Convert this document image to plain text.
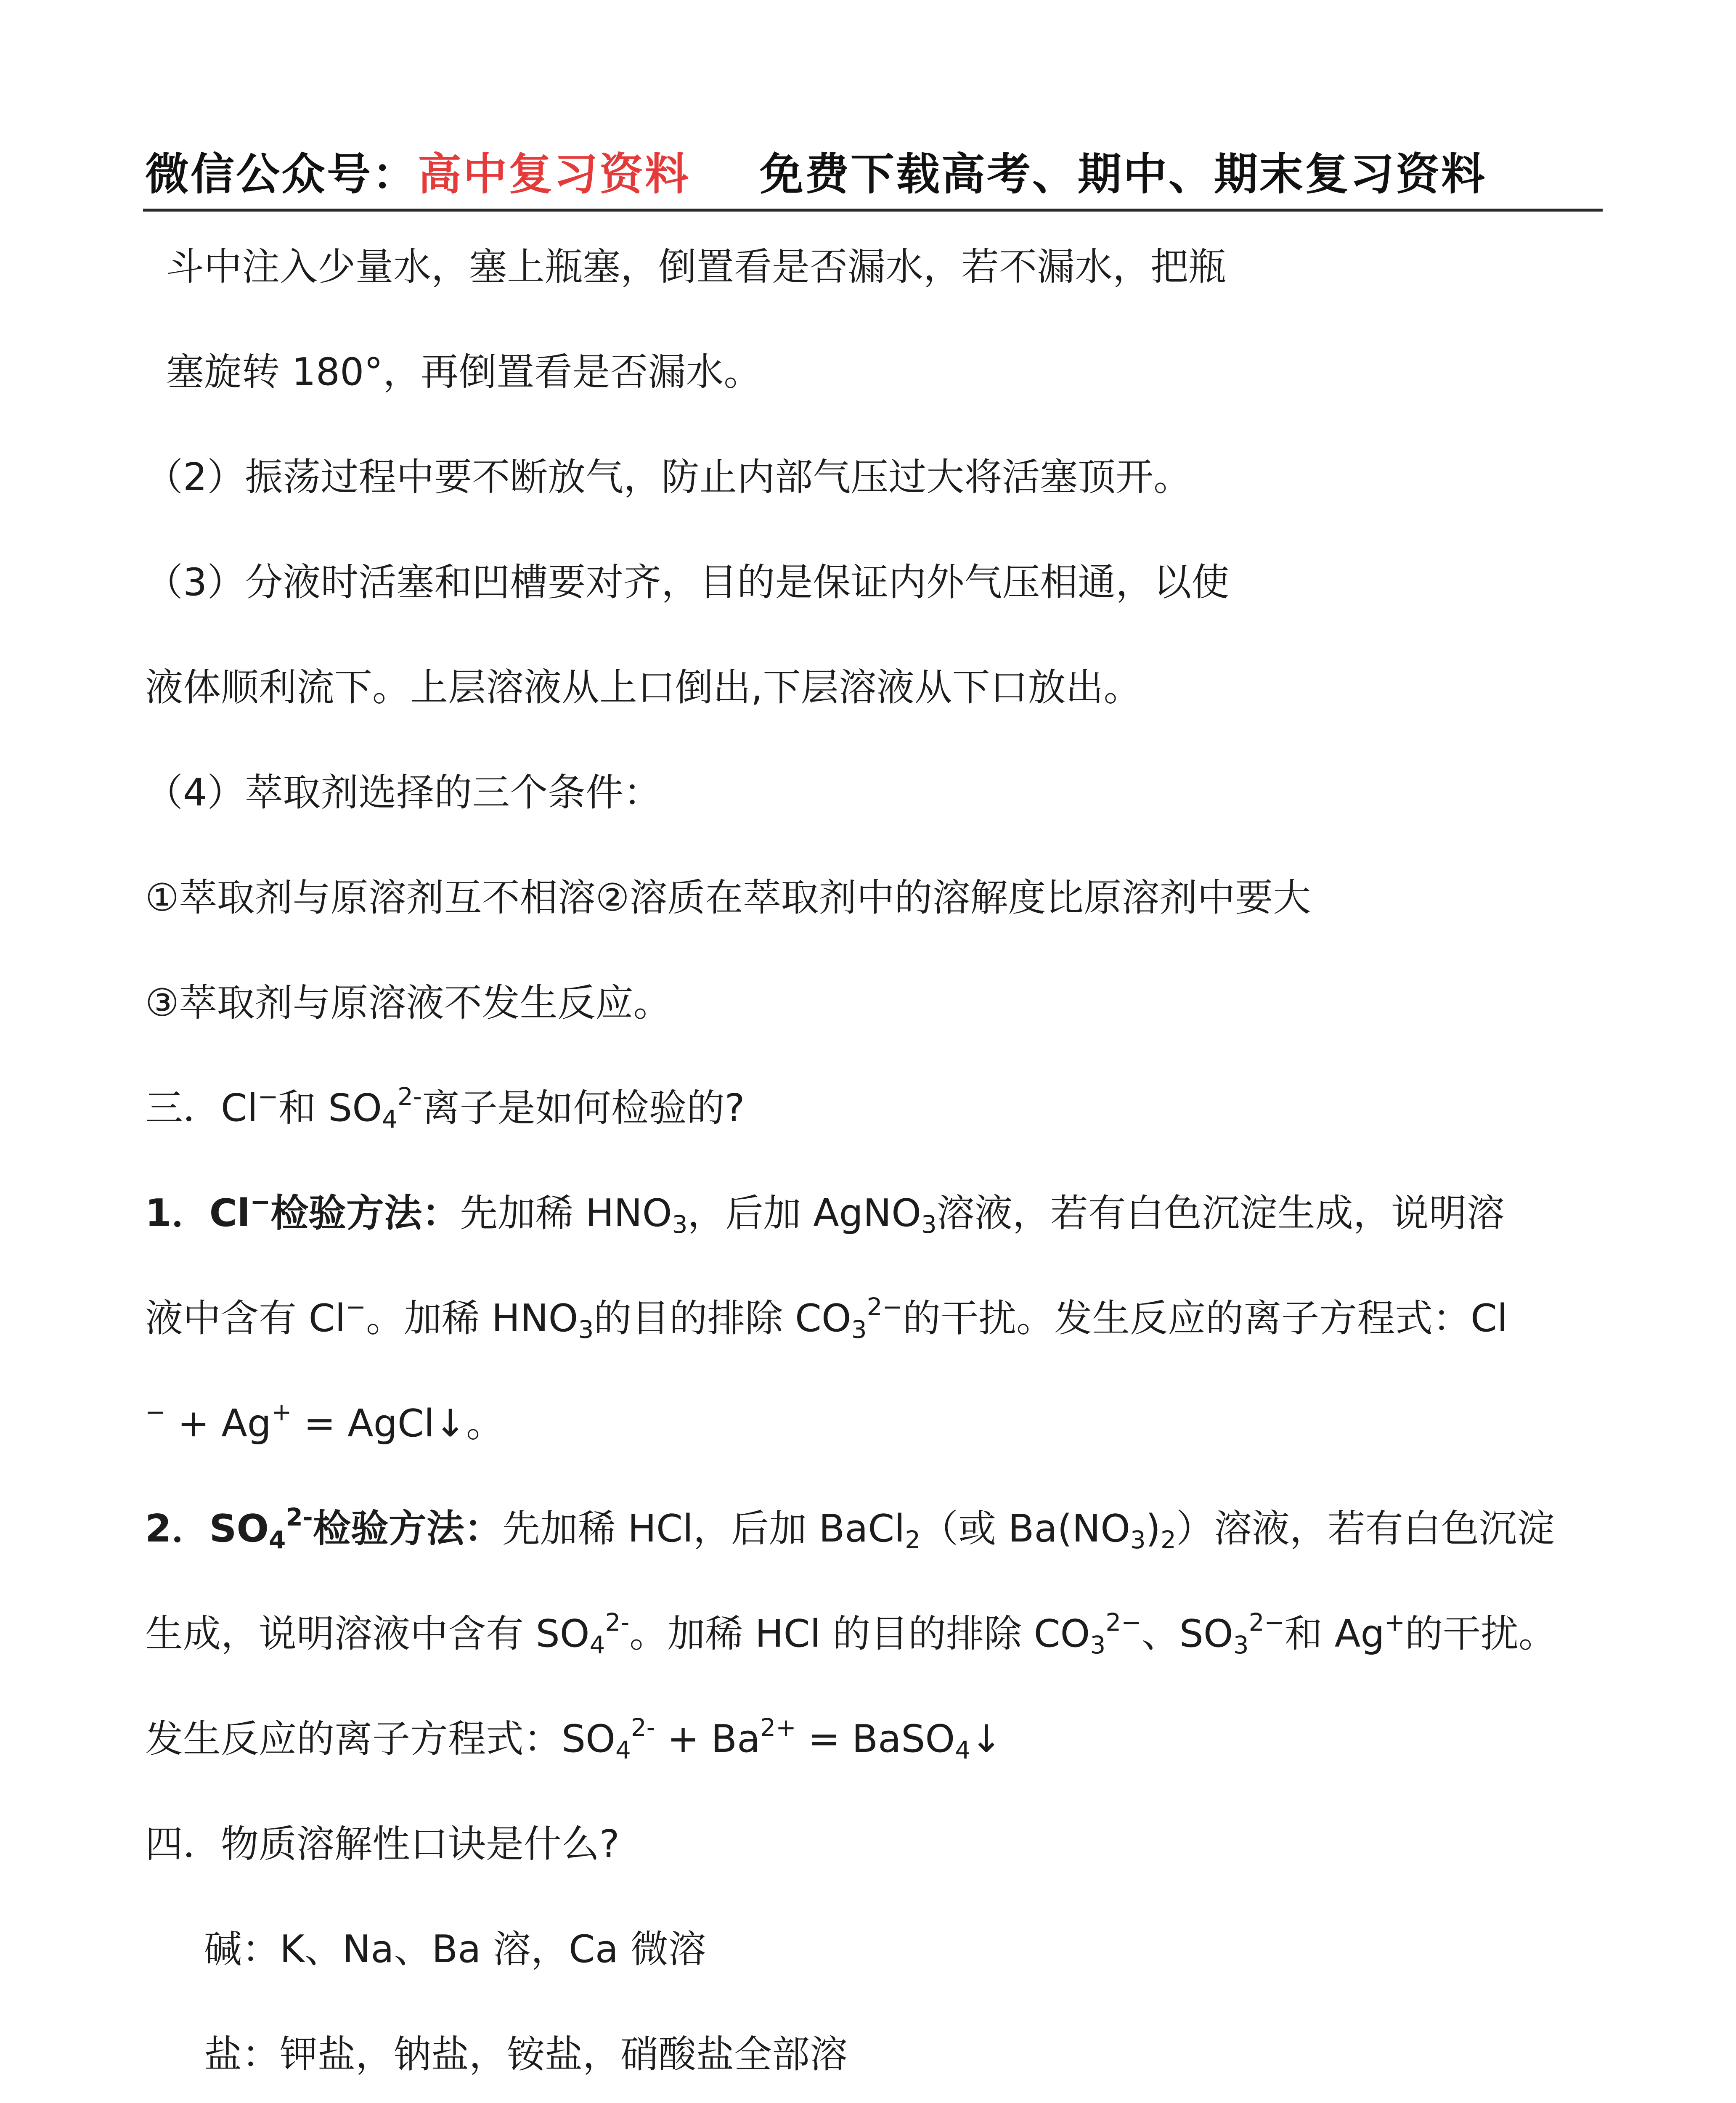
微信公众号：高中复习资料 免费下载高考、期中、期末复习资料
斗中注入少量水，塞上瓶塞，倒置看是否漏水，若不漏水，把瓶
塞旋转 180°，再倒置看是否漏水。
（2）振荡过程中要不断放气，防止内部气压过大将活塞顶开。
（3）分液时活塞和凹槽要对齐，目的是保证内外气压相通，以使
液体顺利流下。上层溶液从上口倒出,下层溶液从下口放出。
（4）萃取剂选择的三个条件：
①萃取剂与原溶剂互不相溶②溶质在萃取剂中的溶解度比原溶剂中要大
③萃取剂与原溶液不发生反应。
三．Cl−和 $SO_4^{2-}$离子是如何检验的?
1．Cl−检验方法：先加稀 $HNO_3$，后加 AgNO$_3$溶液，若有白色沉淀生成，说明溶
液中含有 Cl−。加稀 $HNO_3$的目的排除 $CO_3^{2-}$的干扰。发生反应的离子方程式：Cl
− + Ag+ = AgCl↓。
2．$SO_4^{2-}$检验方法：先加稀 HCl，后加 BaCl$_2$（或 $Ba(NO_3)_2$）溶液，若有白色沉淀
生成，说明溶液中含有 $SO_4^{2-}$。加稀 HCl 的目的排除 $CO_3^{2-}$、$SO_3^{2-}$和 Ag+的干扰。
发生反应的离子方程式：$SO_4^{2-} + Ba^{2+}$ = BaSO$_4$↓
四．物质溶解性口诀是什么?
碱：K、Na、Ba 溶，Ca 微溶
盐：钾盐，钠盐，铵盐，硝酸盐全部溶
